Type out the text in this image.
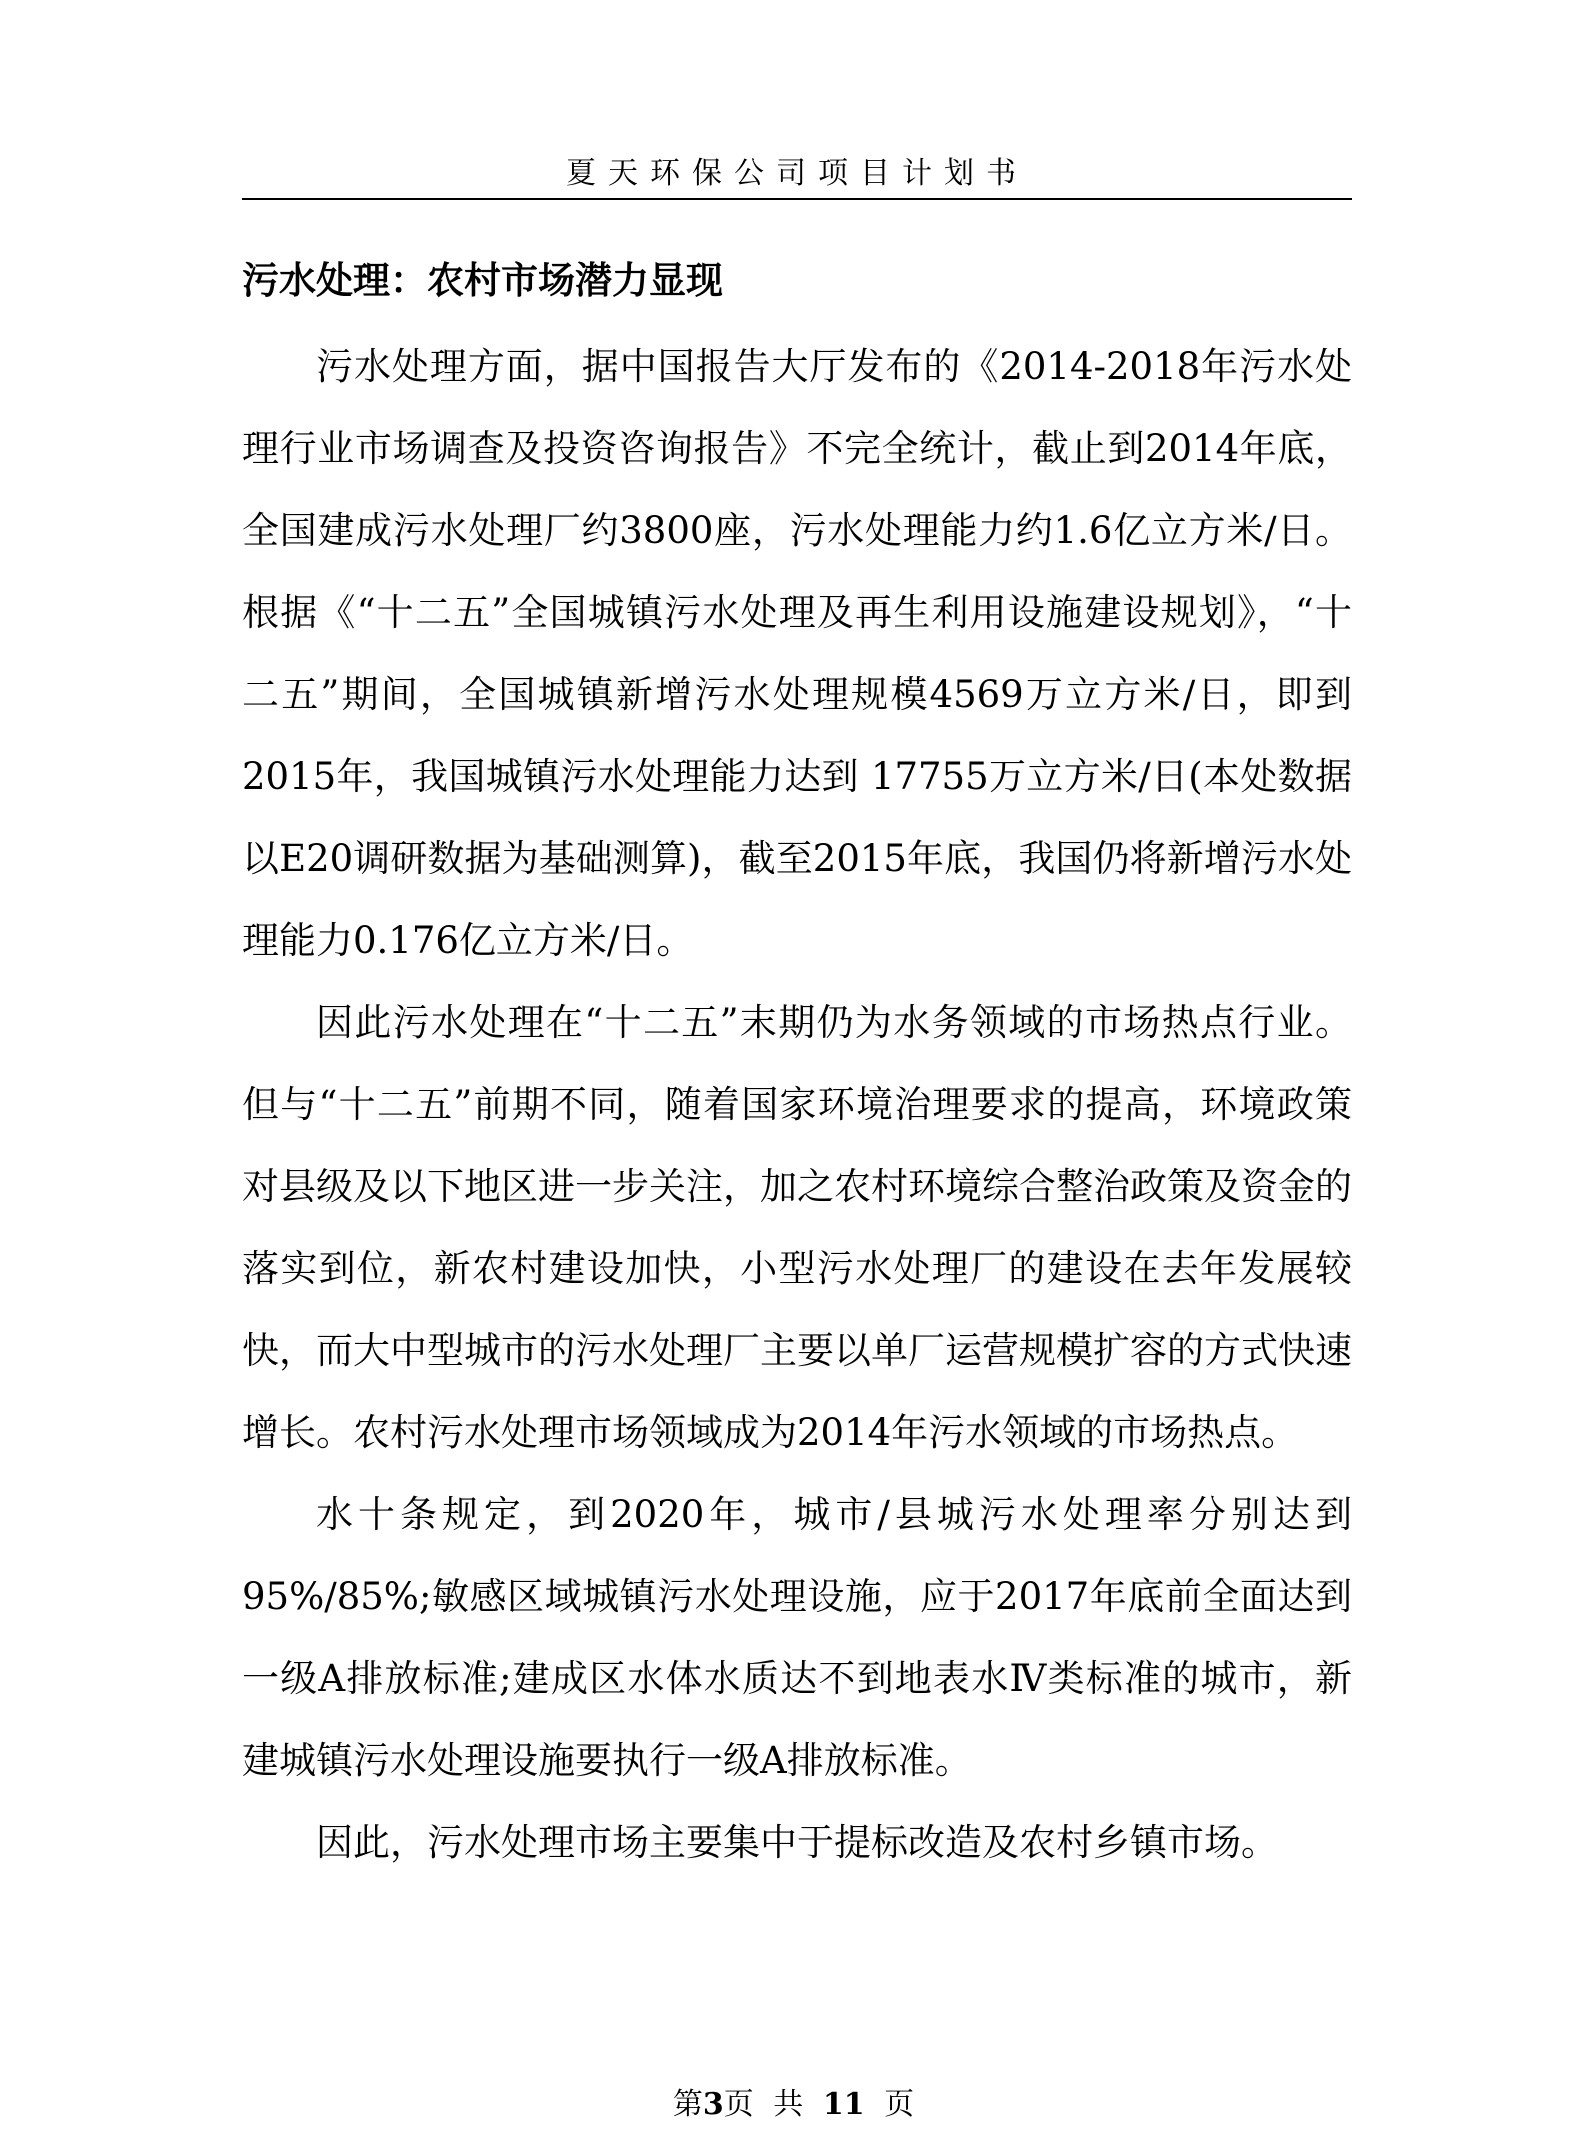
夏天环保公司项目计划书
污水处理：农村市场潜力显现

污水处理方面，据中国报告大厅发布的《2014-2018年污水处理行业市场调查及投资咨询报告》不完全统计，截止到2014年底，全国建成污水处理厂约3800座，污水处理能力约1.6亿立方米/日。根据《“十二五”全国城镇污水处理及再生利用设施建设规划》，“十二五”期间，全国城镇新增污水处理规模4569万立方米/日，即到2015年，我国城镇污水处理能力达到 17755万立方米/日(本处数据以E20调研数据为基础测算)，截至2015年底，我国仍将新增污水处理能力0.176亿立方米/日。

因此污水处理在“十二五”末期仍为水务领域的市场热点行业。但与“十二五”前期不同，随着国家环境治理要求的提高，环境政策对县级及以下地区进一步关注，加之农村环境综合整治政策及资金的落实到位，新农村建设加快，小型污水处理厂的建设在去年发展较快，而大中型城市的污水处理厂主要以单厂运营规模扩容的方式快速增长。农村污水处理市场领域成为2014年污水领域的市场热点。

水十条规定，到2020年，城市/县城污水处理率分别达到95%/85%;敏感区域城镇污水处理设施，应于2017年底前全面达到一级A排放标准;建成区水体水质达不到地表水Ⅳ类标准的城市，新建城镇污水处理设施要执行一级A排放标准。

因此，污水处理市场主要集中于提标改造及农村乡镇市场。

第3页 共 11 页
